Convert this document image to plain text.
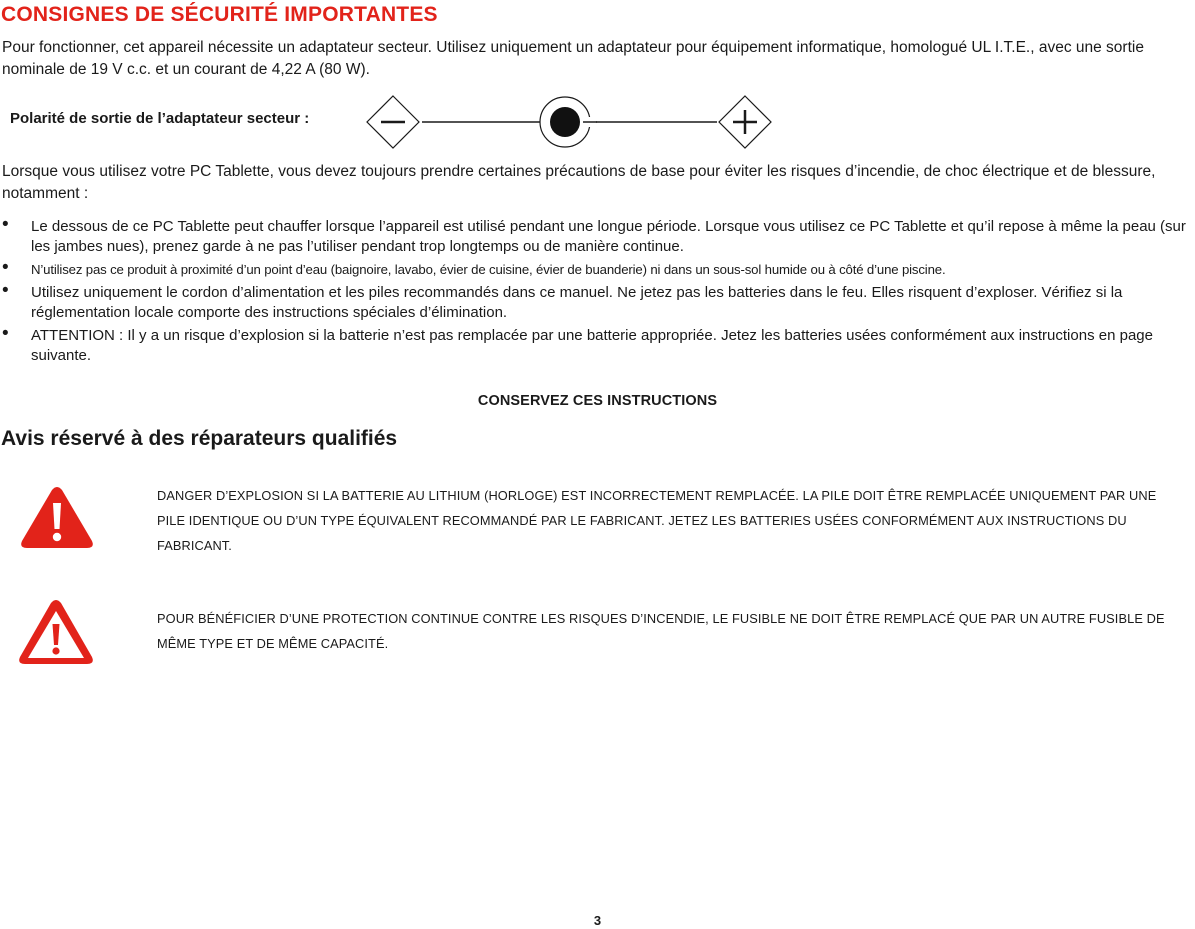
CONSIGNES DE SÉCURITÉ IMPORTANTES

Pour fonctionner, cet appareil nécessite un adaptateur secteur. Utilisez uniquement un adaptateur pour équipement informatique, homologué UL I.T.E., avec une sortie nominale de 19 V c.c. et un courant de 4,22 A (80 W).

Polarité de sortie de l’adaptateur secteur :

Lorsque vous utilisez votre PC Tablette, vous devez toujours prendre certaines précautions de base pour éviter les risques d’incendie, de choc électrique et de blessure, notamment :

• Le dessous de ce PC Tablette peut chauffer lorsque l’appareil est utilisé pendant une longue période. Lorsque vous utilisez ce PC Tablette et qu’il repose à même la peau (sur les jambes nues), prenez garde à ne pas l’utiliser pendant trop longtemps ou de manière continue.
• N’utilisez pas ce produit à proximité d’un point d’eau (baignoire, lavabo, évier de cuisine, évier de buanderie) ni dans un sous-sol humide ou à côté d’une piscine.
• Utilisez uniquement le cordon d’alimentation et les piles recommandés dans ce manuel. Ne jetez pas les batteries dans le feu. Elles risquent d’exploser. Vérifiez si la réglementation locale comporte des instructions spéciales d’élimination.
• ATTENTION : Il y a un risque d’explosion si la batterie n’est pas remplacée par une batterie appropriée. Jetez les batteries usées conformément aux instructions en page suivante.

CONSERVEZ CES INSTRUCTIONS

Avis réservé à des réparateurs qualifiés

DANGER D’EXPLOSION SI LA BATTERIE AU LITHIUM (HORLOGE) EST INCORRECTEMENT REMPLACÉE. LA PILE DOIT ÊTRE REMPLACÉE UNIQUEMENT PAR UNE PILE IDENTIQUE OU D’UN TYPE ÉQUIVALENT RECOMMANDÉ PAR LE FABRICANT. JETEZ LES BATTERIES USÉES CONFORMÉMENT AUX INSTRUCTIONS DU FABRICANT.

POUR BÉNÉFICIER D’UNE PROTECTION CONTINUE CONTRE LES RISQUES D’INCENDIE, LE FUSIBLE NE DOIT ÊTRE REMPLACÉ QUE PAR UN AUTRE FUSIBLE DE MÊME TYPE ET DE MÊME CAPACITÉ.

3
